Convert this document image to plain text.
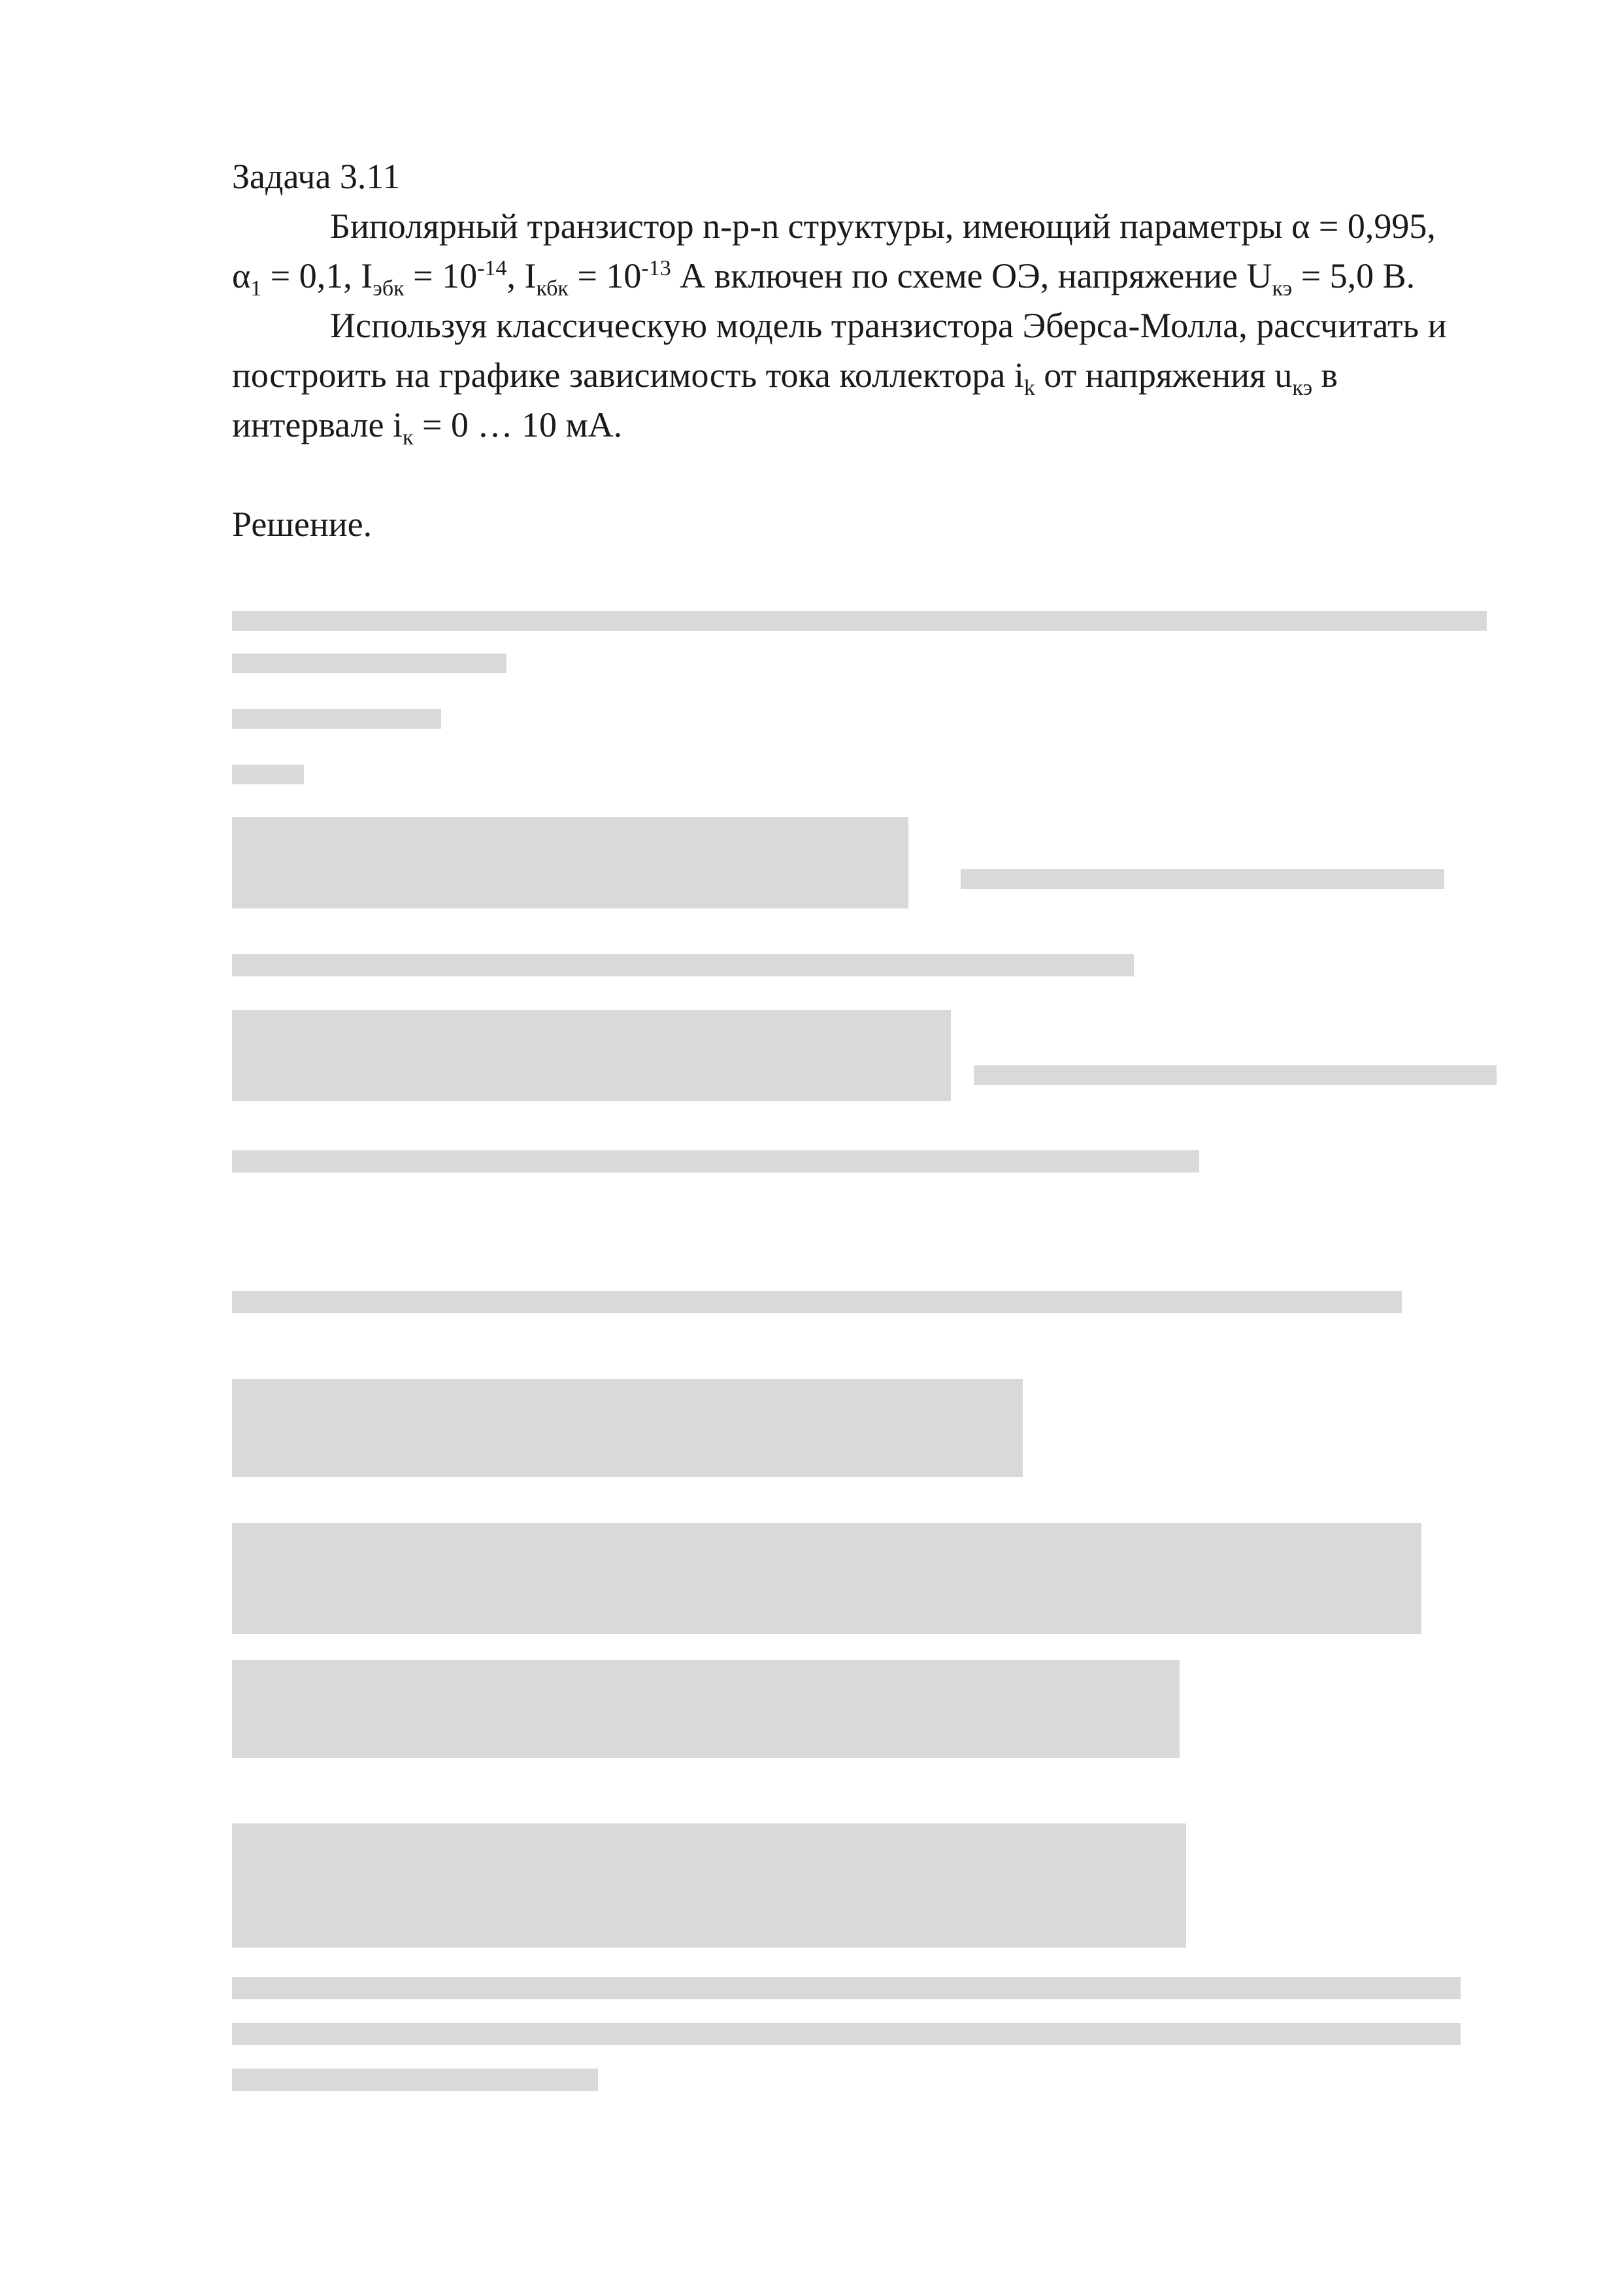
Задача 3.11

Биполярный транзистор n-p-n структуры, имеющий параметры α = 0,995, $\alpha_1 = 0,1$, $I_{эбк} = 10^{-14}$, $I_{кбк} = 10^{-13}$ А включен по схеме ОЭ, напряжение $U_{кэ} = 5,0$ В.

Используя классическую модель транзистора Эберса-Молла, рассчитать и построить на графике зависимость тока коллектора $i_k$ от напряжения $u_{кэ}$ в интервале $i_к = 0$ … 10 мА.

Решение.
